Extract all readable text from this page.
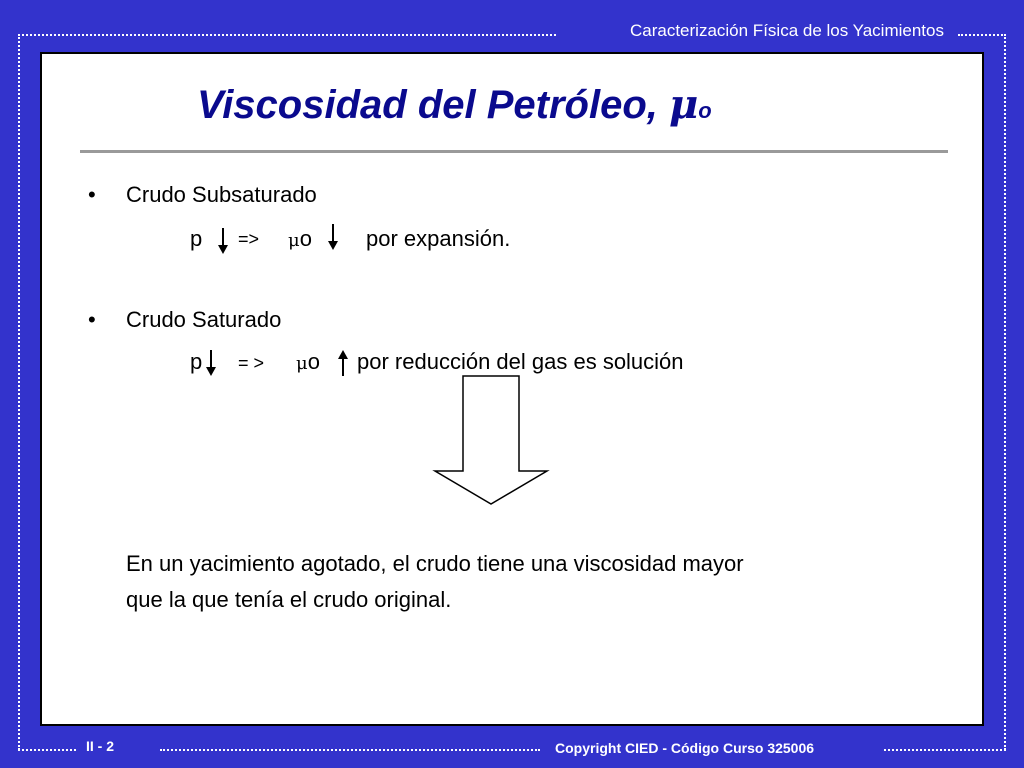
Caracterización Física de los Yacimientos
II - 2	Copyright CIED - Código Curso 325006
Viscosidad del Petróleo, μo
• Crudo Subsaturado
p => μo por expansión.
• Crudo Saturado
p = > μo por reducción del gas es solución
En un yacimiento agotado, el crudo tiene una viscosidad mayor
que la que tenía el crudo original.
